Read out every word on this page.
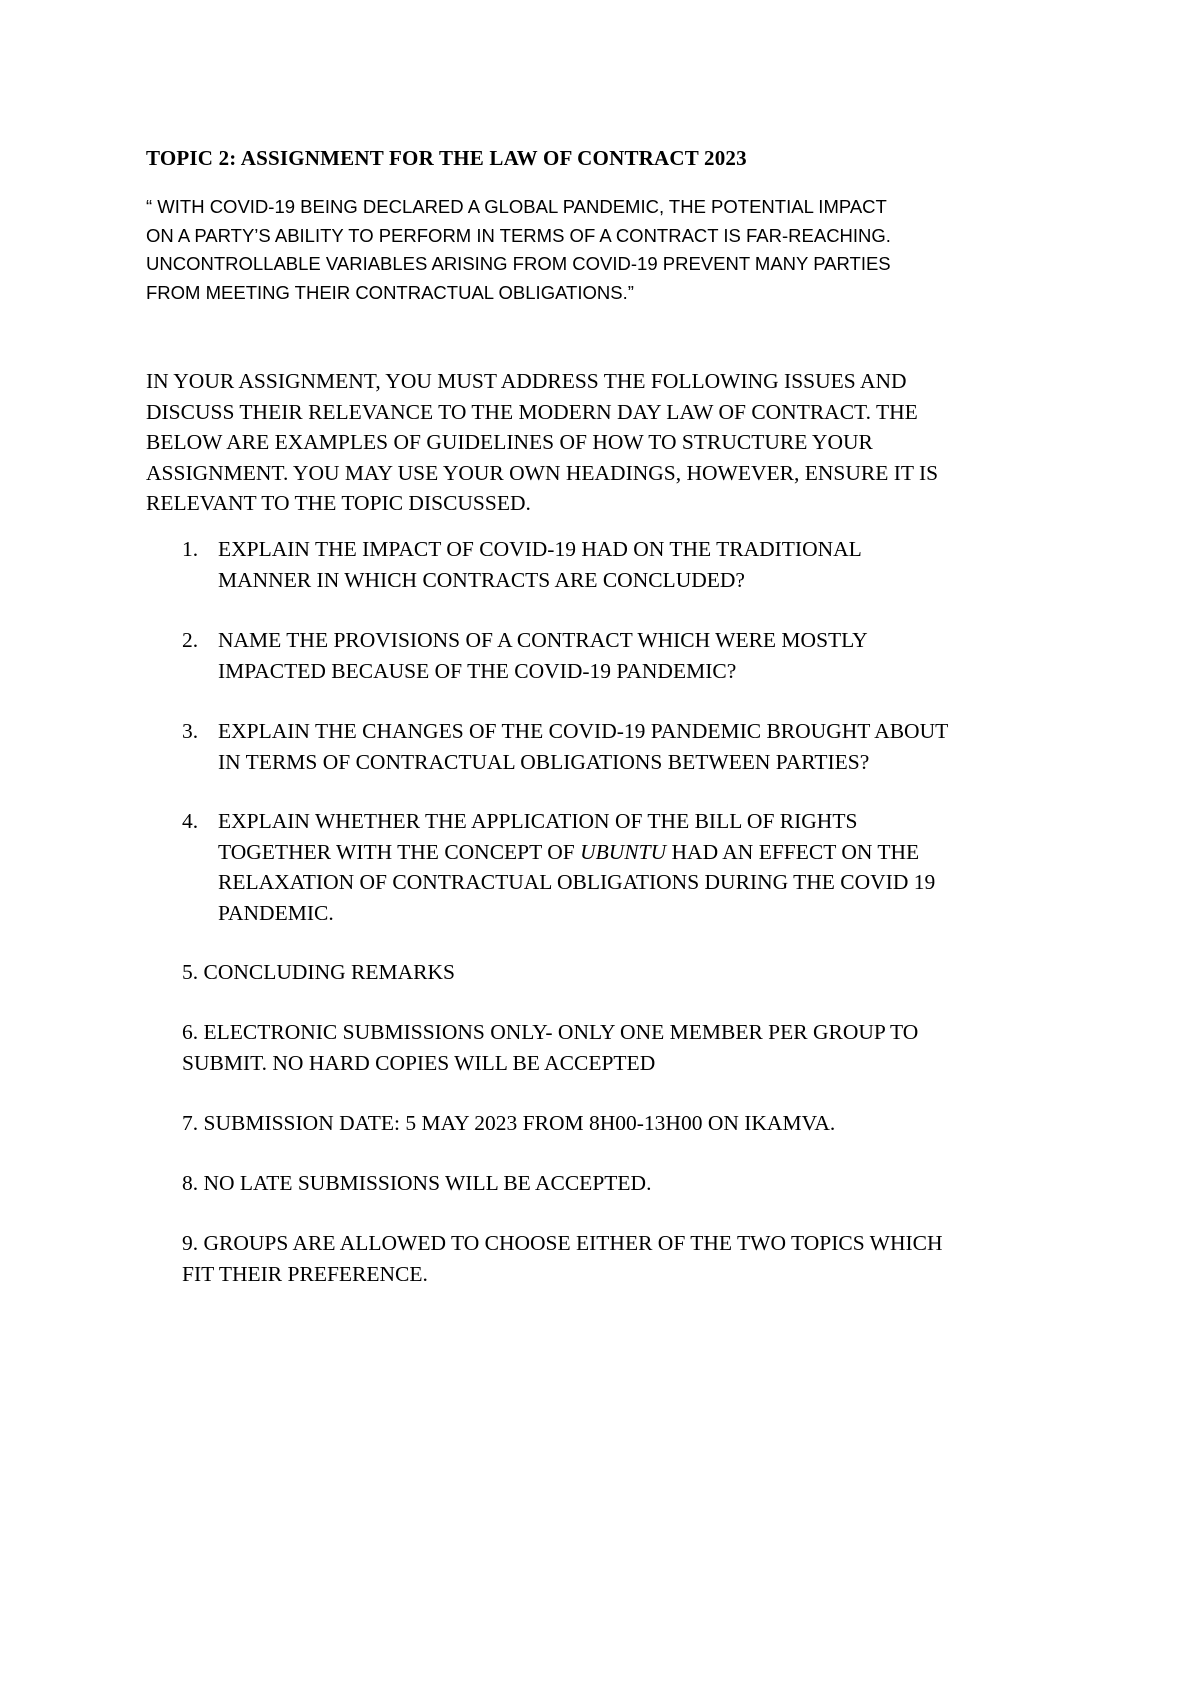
TOPIC 2: ASSIGNMENT FOR THE LAW OF CONTRACT 2023
“ WITH COVID-19 BEING DECLARED A GLOBAL PANDEMIC, THE POTENTIAL IMPACT
ON A PARTY’S ABILITY TO PERFORM IN TERMS OF A CONTRACT IS FAR-REACHING.
UNCONTROLLABLE VARIABLES ARISING FROM COVID-19 PREVENT MANY PARTIES
FROM MEETING THEIR CONTRACTUAL OBLIGATIONS.”
IN YOUR ASSIGNMENT, YOU MUST ADDRESS THE FOLLOWING ISSUES AND
DISCUSS THEIR RELEVANCE TO THE MODERN DAY LAW OF CONTRACT. THE
BELOW ARE EXAMPLES OF GUIDELINES OF HOW TO STRUCTURE YOUR
ASSIGNMENT. YOU MAY USE YOUR OWN HEADINGS, HOWEVER, ENSURE IT IS
RELEVANT TO THE TOPIC DISCUSSED.
1. EXPLAIN THE IMPACT OF COVID-19 HAD ON THE TRADITIONAL
MANNER IN WHICH CONTRACTS ARE CONCLUDED?
2. NAME THE PROVISIONS OF A CONTRACT WHICH WERE MOSTLY
IMPACTED BECAUSE OF THE COVID-19 PANDEMIC?
3. EXPLAIN THE CHANGES OF THE COVID-19 PANDEMIC BROUGHT ABOUT
IN TERMS OF CONTRACTUAL OBLIGATIONS BETWEEN PARTIES?
4. EXPLAIN WHETHER THE APPLICATION OF THE BILL OF RIGHTS
TOGETHER WITH THE CONCEPT OF UBUNTU HAD AN EFFECT ON THE
RELAXATION OF CONTRACTUAL OBLIGATIONS DURING THE COVID 19
PANDEMIC.
5. CONCLUDING REMARKS
6. ELECTRONIC SUBMISSIONS ONLY- ONLY ONE MEMBER PER GROUP TO
SUBMIT. NO HARD COPIES WILL BE ACCEPTED
7. SUBMISSION DATE: 5 MAY 2023 FROM 8H00-13H00 ON IKAMVA.
8. NO LATE SUBMISSIONS WILL BE ACCEPTED.
9. GROUPS ARE ALLOWED TO CHOOSE EITHER OF THE TWO TOPICS WHICH
FIT THEIR PREFERENCE.
